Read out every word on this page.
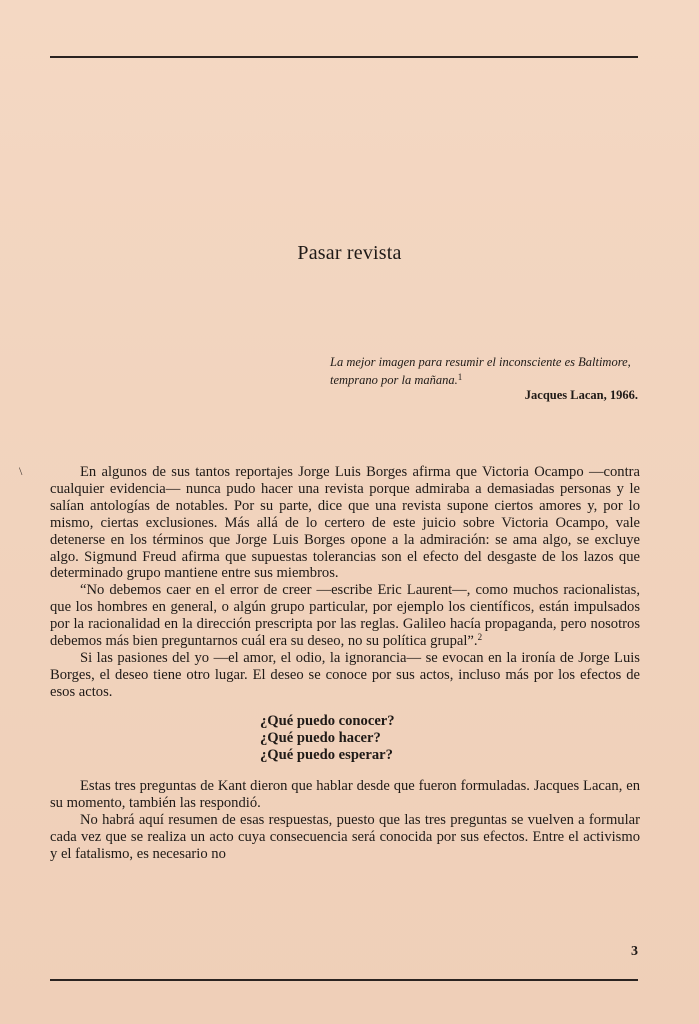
Pasar revista

La mejor imagen para resumir el inconsciente es Baltimore, temprano por la mañana.$^1$

Jacques Lacan, 1966.
\	En algunos de sus tantos reportajes Jorge Luis Borges afirma que Victoria Ocampo —contra cualquier evidencia— nunca pudo hacer una revista porque admiraba a demasiadas personas y le salían antologías de notables. Por su parte, dice que una revista supone ciertos amores y, por lo mismo, ciertas exclusiones. Más allá de lo certero de este juicio sobre Victoria Ocampo, vale detenerse en los términos que Jorge Luis Borges opone a la admiración: se ama algo, se excluye algo. Sigmund Freud afirma que supuestas tolerancias son el efecto del desgaste de los lazos que determinado grupo mantiene entre sus miembros.

“No debemos caer en el error de creer —escribe Eric Laurent—, como muchos racionalistas, que los hombres en general, o algún grupo particular, por ejemplo los científicos, están impulsados por la racionalidad en la dirección prescripta por las reglas. Galileo hacía propaganda, pero nosotros debemos más bien preguntarnos cuál era su deseo, no su política grupal”.$^2$

Si las pasiones del yo —el amor, el odio, la ignorancia— se evocan en la ironía de Jorge Luis Borges, el deseo tiene otro lugar. El deseo se conoce por sus actos, incluso más por los efectos de esos actos.

¿Qué puedo conocer?
¿Qué puedo hacer?
¿Qué puedo esperar?

Estas tres preguntas de Kant dieron que hablar desde que fueron formuladas. Jacques Lacan, en su momento, también las respondió.

No habrá aquí resumen de esas respuestas, puesto que las tres preguntas se vuelven a formular cada vez que se realiza un acto cuya consecuencia será conocida por sus efectos. Entre el activismo y el fatalismo, es necesario no

3
